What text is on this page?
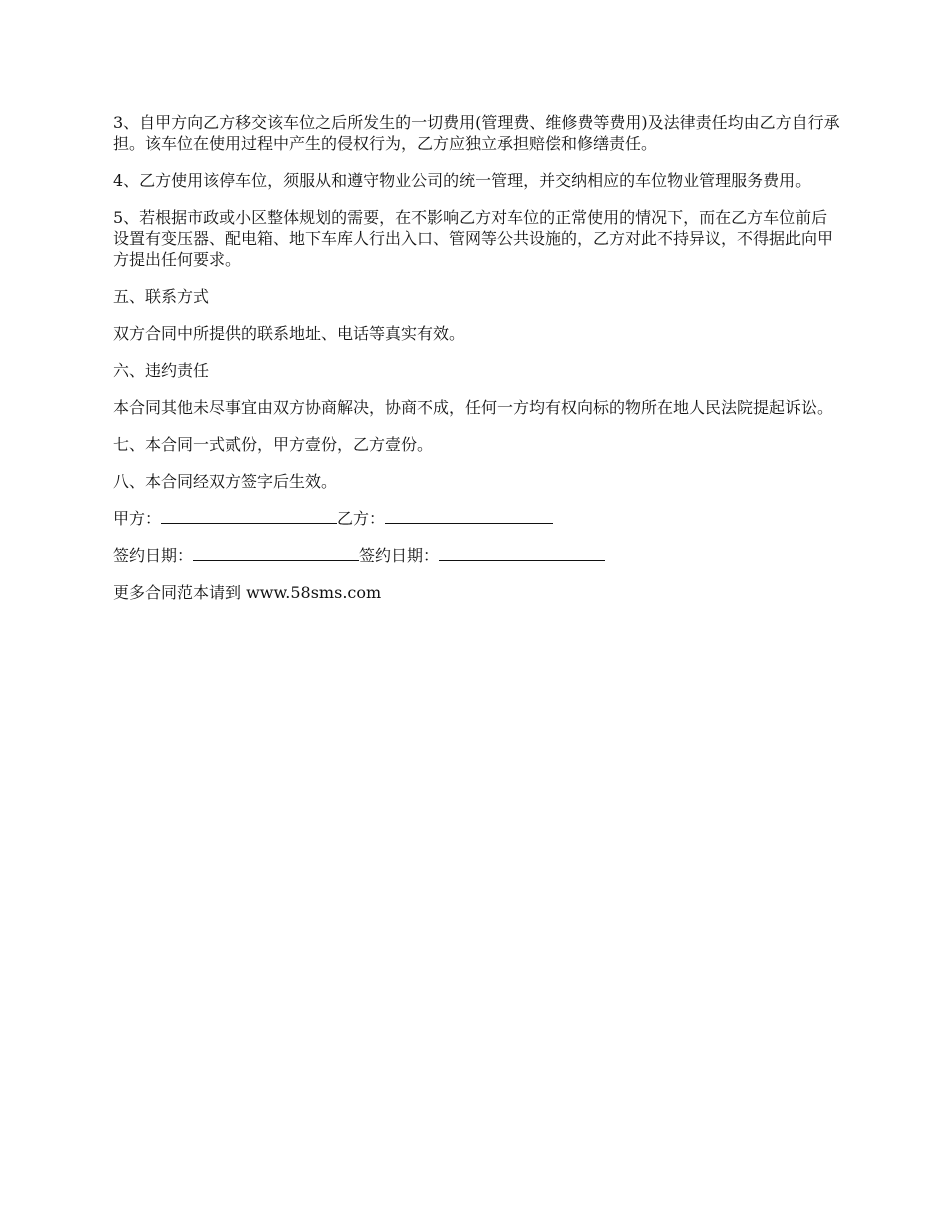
3、自甲方向乙方移交该车位之后所发生的一切费用(管理费、维修费等费用)及法律责任均由乙方自行承担。该车位在使用过程中产生的侵权行为，乙方应独立承担赔偿和修缮责任。

4、乙方使用该停车位，须服从和遵守物业公司的统一管理，并交纳相应的车位物业管理服务费用。

5、若根据市政或小区整体规划的需要，在不影响乙方对车位的正常使用的情况下，而在乙方车位前后设置有变压器、配电箱、地下车库人行出入口、管网等公共设施的，乙方对此不持异议，不得据此向甲方提出任何要求。

五、联系方式

双方合同中所提供的联系地址、电话等真实有效。

六、违约责任

本合同其他未尽事宜由双方协商解决，协商不成，任何一方均有权向标的物所在地人民法院提起诉讼。

七、本合同一式贰份，甲方壹份，乙方壹份。

八、本合同经双方签字后生效。

甲方：	乙方：
签约日期：	签约日期：

更多合同范本请到 www.58sms.com
